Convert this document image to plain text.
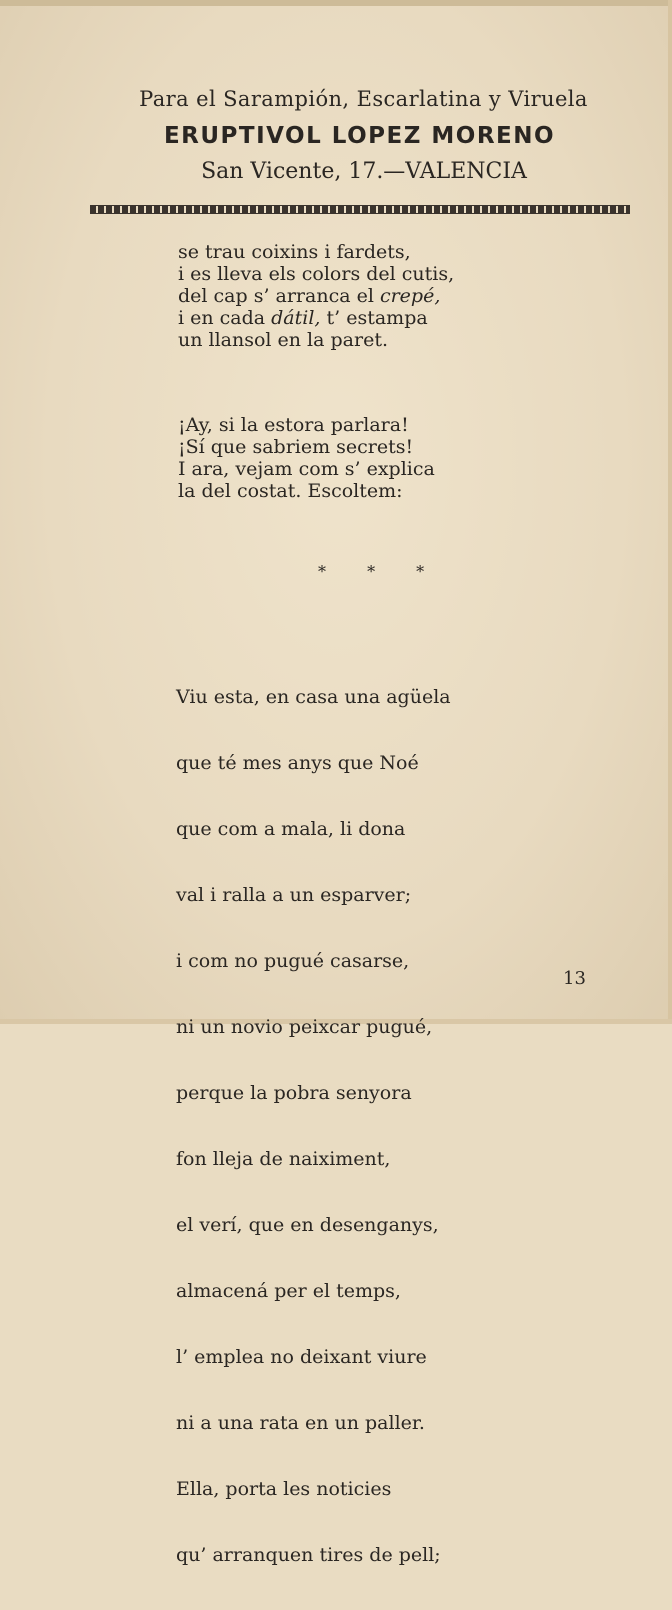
Para el Sarampión, Escarlatina y Viruela
ERUPTIVOL LOPEZ MORENO
San Vicente, 17.—VALENCIA
se trau coixins i fardets,
i es lleva els colors del cutis,
del cap s’ arranca el crepé,
i en cada dátil, t’ estampa
un llansol en la paret.
¡Ay, si la estora parlara!
¡Sí que sabriem secrets!
I ara, vejam com s’ explica
la del costat. Escoltem:
* * *

Viu esta, en casa una agüela

que té mes anys que Noé

que com a mala, li dona

val i ralla a un esparver;

i com no pugué casarse,

ni un novio peixcar pugué,

perque la pobra senyora

fon lleja de naiximent,

el verí, que en desenganys,

almacená per el temps,

l’ emplea no deixant viure

ni a una rata en un paller.

Ella, porta les noticies

qu’ arranquen tires de pell;

13
